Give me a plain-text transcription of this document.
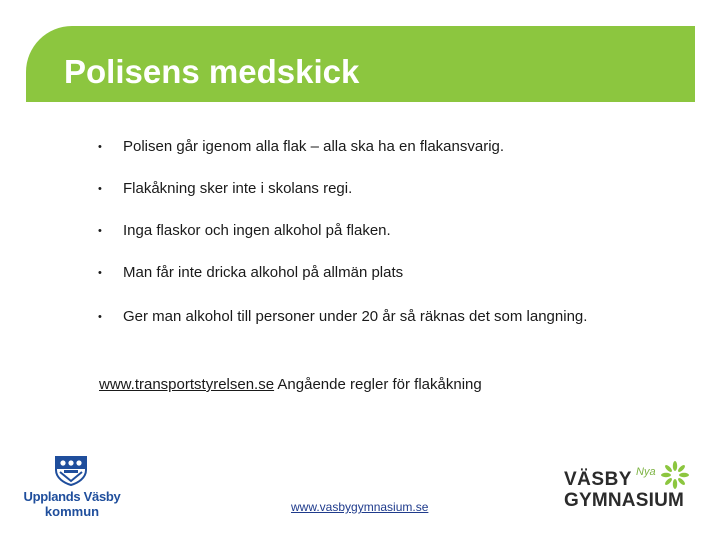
Polisens medskick
• Polisen går igenom alla flak – alla ska ha en flakansvarig.
• Flakåkning sker inte i skolans regi.
• Inga flaskor och ingen alkohol på flaken.
• Man får inte dricka alkohol på allmän plats
• Ger man alkohol till personer under 20 år så räknas det som langning.
www.transportstyrelsen.se Angående regler för flakåkning
Upplands Väsby
kommun	www.vasbygymnasium.se
VÄSBY Nya
GYMNASIUM
